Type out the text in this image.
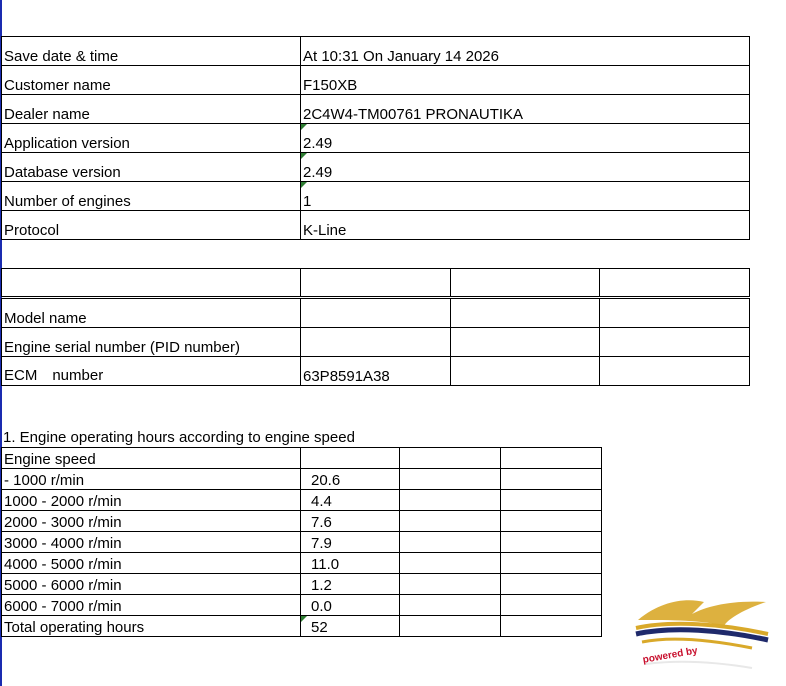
Save date & time	At 10:31 On January 14 2026
Customer name	F150XB
Dealer name	2C4W4-TM00761 PRONAUTIKA
Application version	2.49
Database version	2.49
Number of engines	1
Protocol	K-Line

Model name			
Engine serial number (PID number)			
ECM　number	63P8591A38		
1. Engine operating hours according to engine speed
Engine speed			
- 1000 r/min	20.6		
1000 - 2000 r/min	4.4		
2000 - 3000 r/min	7.6		
3000 - 4000 r/min	7.9		
4000 - 5000 r/min	11.0		
5000 - 6000 r/min	1.2		
6000 - 7000 r/min	0.0		
Total operating hours	52		
powered by
